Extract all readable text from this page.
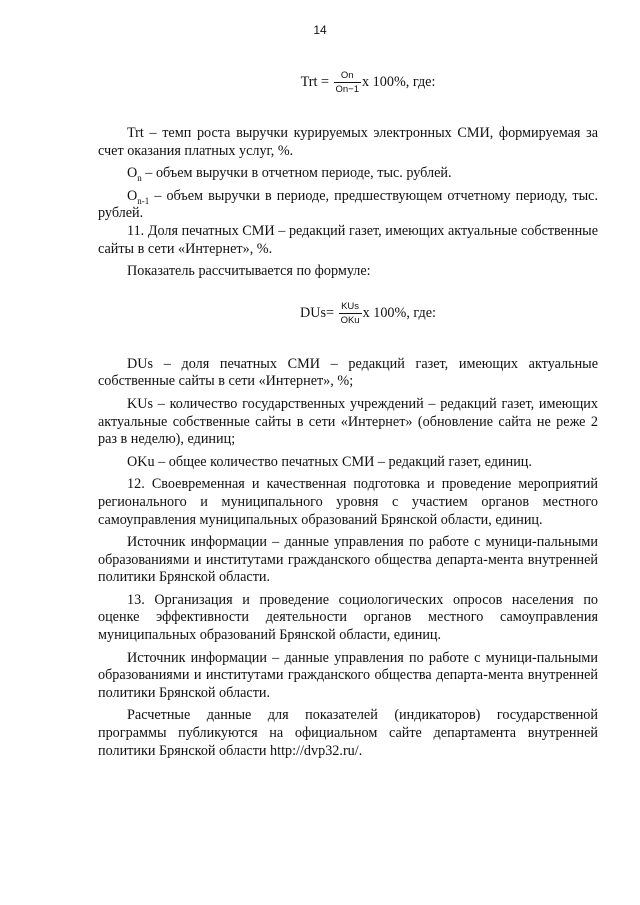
14
Trt = $\frac{On}{On-1}$ x 100%, где:

Trt – темп роста выручки курируемых электронных СМИ, формируемая за счет оказания платных услуг, %.

$O_n$ – объем выручки в отчетном периоде, тыс. рублей.

$O_{n-1}$ – объем выручки в периоде, предшествующем отчетному периоду, тыс. рублей.

11. Доля печатных СМИ – редакций газет, имеющих актуальные собственные сайты в сети «Интернет», %.

Показатель рассчитывается по формуле:

$DUs= \frac{\text{KUs}}{\text{OKu}}$ x 100%, где:

DUs – доля печатных СМИ – редакций газет, имеющих актуальные собственные сайты в сети «Интернет», %;

KUs – количество государственных учреждений – редакций газет, имеющих актуальные собственные сайты в сети «Интернет» (обновление сайта не реже 2 раз в неделю), единиц;

OKu – общее количество печатных СМИ – редакций газет, единиц.

12. Своевременная и качественная подготовка и проведение мероприятий регионального и муниципального уровня с участием органов местного самоуправления муниципальных образований Брянской области, единиц.

Источник информации – данные управления по работе с муници-пальными образованиями и институтами гражданского общества департа-мента внутренней политики Брянской области.

13. Организация и проведение социологических опросов населения по оценке эффективности деятельности органов местного самоуправления муниципальных образований Брянской области, единиц.

Источник информации – данные управления по работе с муници-пальными образованиями и институтами гражданского общества департа-мента внутренней политики Брянской области.

Расчетные данные для показателей (индикаторов) государственной программы публикуются на официальном сайте департамента внутренней политики Брянской области http://dvp32.ru/.
